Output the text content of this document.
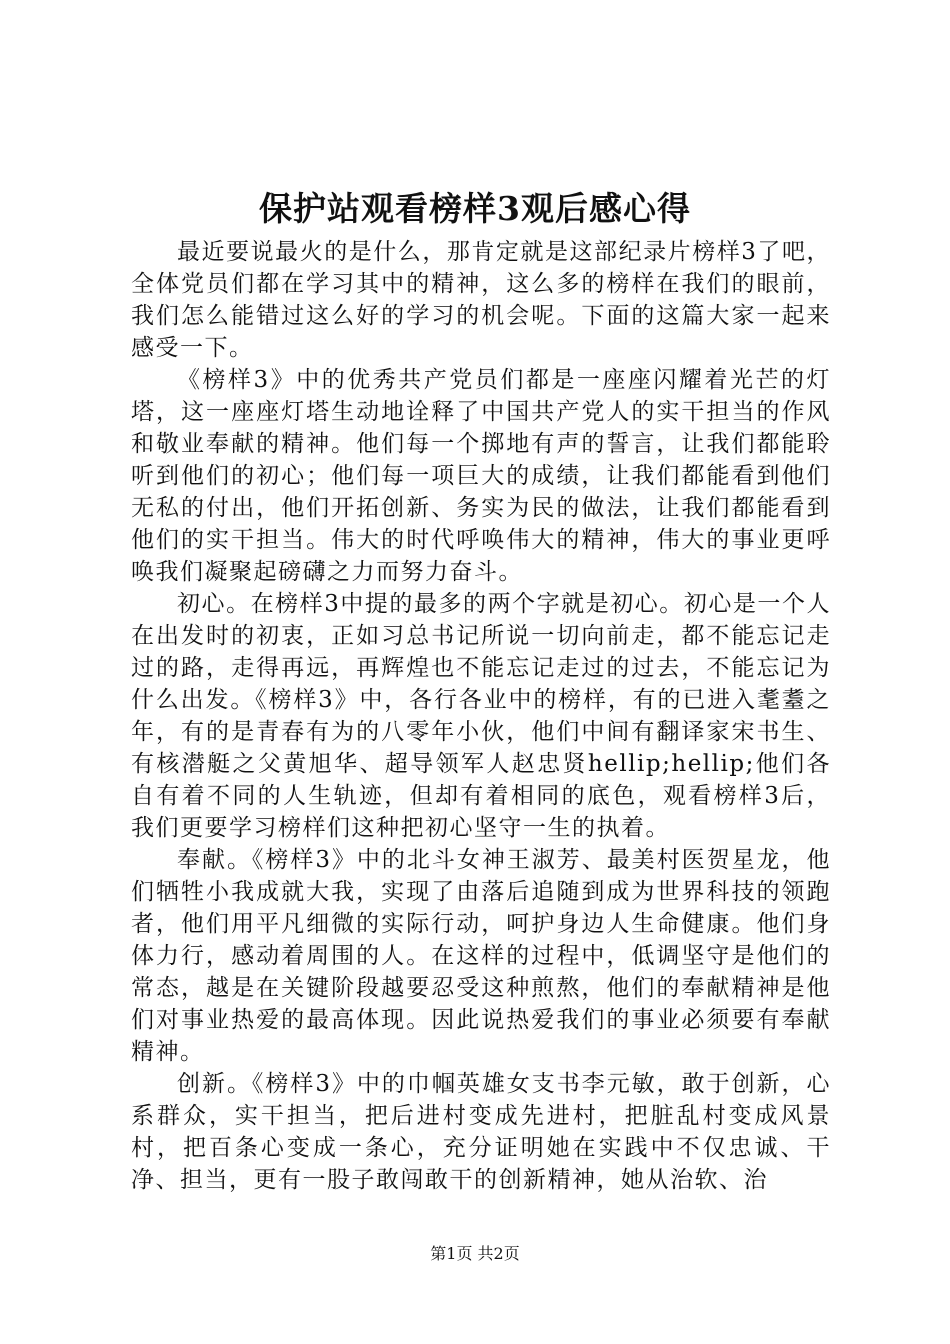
保护站观看榜样3观后感心得

最近要说最火的是什么，那肯定就是这部纪录片榜样3了吧，全体党员们都在学习其中的精神，这么多的榜样在我们的眼前，我们怎么能错过这么好的学习的机会呢。下面的这篇大家一起来感受一下。

《榜样3》中的优秀共产党员们都是一座座闪耀着光芒的灯塔，这一座座灯塔生动地诠释了中国共产党人的实干担当的作风和敬业奉献的精神。他们每一个掷地有声的誓言，让我们都能聆听到他们的初心；他们每一项巨大的成绩，让我们都能看到他们无私的付出，他们开拓创新、务实为民的做法，让我们都能看到他们的实干担当。伟大的时代呼唤伟大的精神，伟大的事业更呼唤我们凝聚起磅礴之力而努力奋斗。

初心。在榜样3中提的最多的两个字就是初心。初心是一个人在出发时的初衷，正如习总书记所说一切向前走，都不能忘记走过的路，走得再远，再辉煌也不能忘记走过的过去，不能忘记为什么出发。《榜样3》中，各行各业中的榜样，有的已进入耄耋之年，有的是青春有为的八零年小伙，他们中间有翻译家宋书生、有核潜艇之父黄旭华、超导领军人赵忠贤hellip;hellip;他们各自有着不同的人生轨迹，但却有着相同的底色，观看榜样3后，我们更要学习榜样们这种把初心坚守一生的执着。

奉献。《榜样3》中的北斗女神王淑芳、最美村医贺星龙，他们牺牲小我成就大我，实现了由落后追随到成为世界科技的领跑者，他们用平凡细微的实际行动，呵护身边人生命健康。他们身体力行，感动着周围的人。在这样的过程中，低调坚守是他们的常态，越是在关键阶段越要忍受这种煎熬，他们的奉献精神是他们对事业热爱的最高体现。因此说热爱我们的事业必须要有奉献精神。

创新。《榜样3》中的巾帼英雄女支书李元敏，敢于创新，心系群众，实干担当，把后进村变成先进村，把脏乱村变成风景村，把百条心变成一条心，充分证明她在实践中不仅忠诚、干净、担当，更有一股子敢闯敢干的创新精神，她从治软、治

第1页 共2页
